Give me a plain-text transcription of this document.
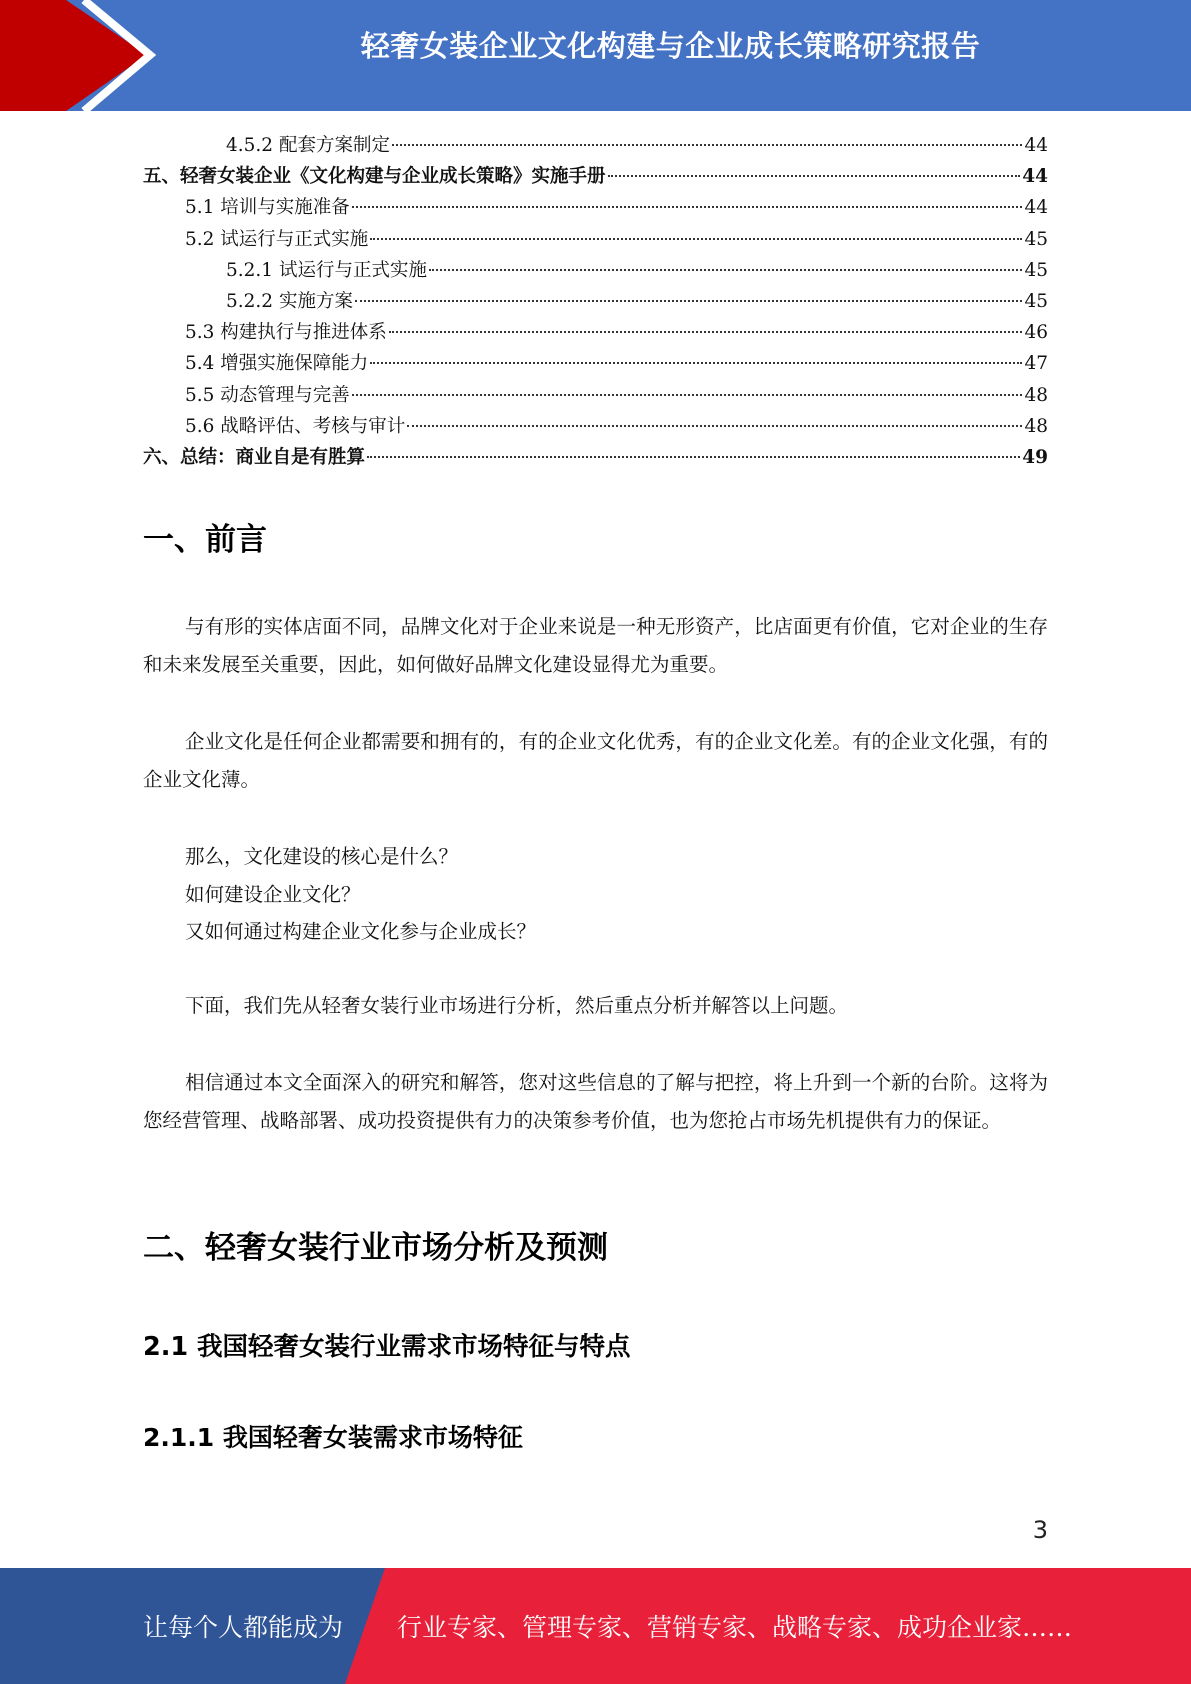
轻奢女装企业文化构建与企业成长策略研究报告
4.5.2 配套方案制定	44
五、轻奢女装企业《文化构建与企业成长策略》实施手册	44
5.1 培训与实施准备	44
5.2 试运行与正式实施	45
5.2.1 试运行与正式实施	45
5.2.2 实施方案	45
5.3 构建执行与推进体系	46
5.4 增强实施保障能力	47
5.5 动态管理与完善	48
5.6 战略评估、考核与审计	48
六、总结：商业自是有胜算	49
一、前言

与有形的实体店面不同，品牌文化对于企业来说是一种无形资产，比店面更有价值，它对企业的生存和未来发展至关重要，因此，如何做好品牌文化建设显得尤为重要。

企业文化是任何企业都需要和拥有的，有的企业文化优秀，有的企业文化差。有的企业文化强，有的企业文化薄。

那么，文化建设的核心是什么？

如何建设企业文化？

又如何通过构建企业文化参与企业成长？

下面，我们先从轻奢女装行业市场进行分析，然后重点分析并解答以上问题。

相信通过本文全面深入的研究和解答，您对这些信息的了解与把控，将上升到一个新的台阶。这将为您经营管理、战略部署、成功投资提供有力的决策参考价值，也为您抢占市场先机提供有力的保证。

二、轻奢女装行业市场分析及预测
2.1 我国轻奢女装行业需求市场特征与特点
2.1.1 我国轻奢女装需求市场特征
3
让每个人都能成为 行业专家、管理专家、营销专家、战略专家、成功企业家……
